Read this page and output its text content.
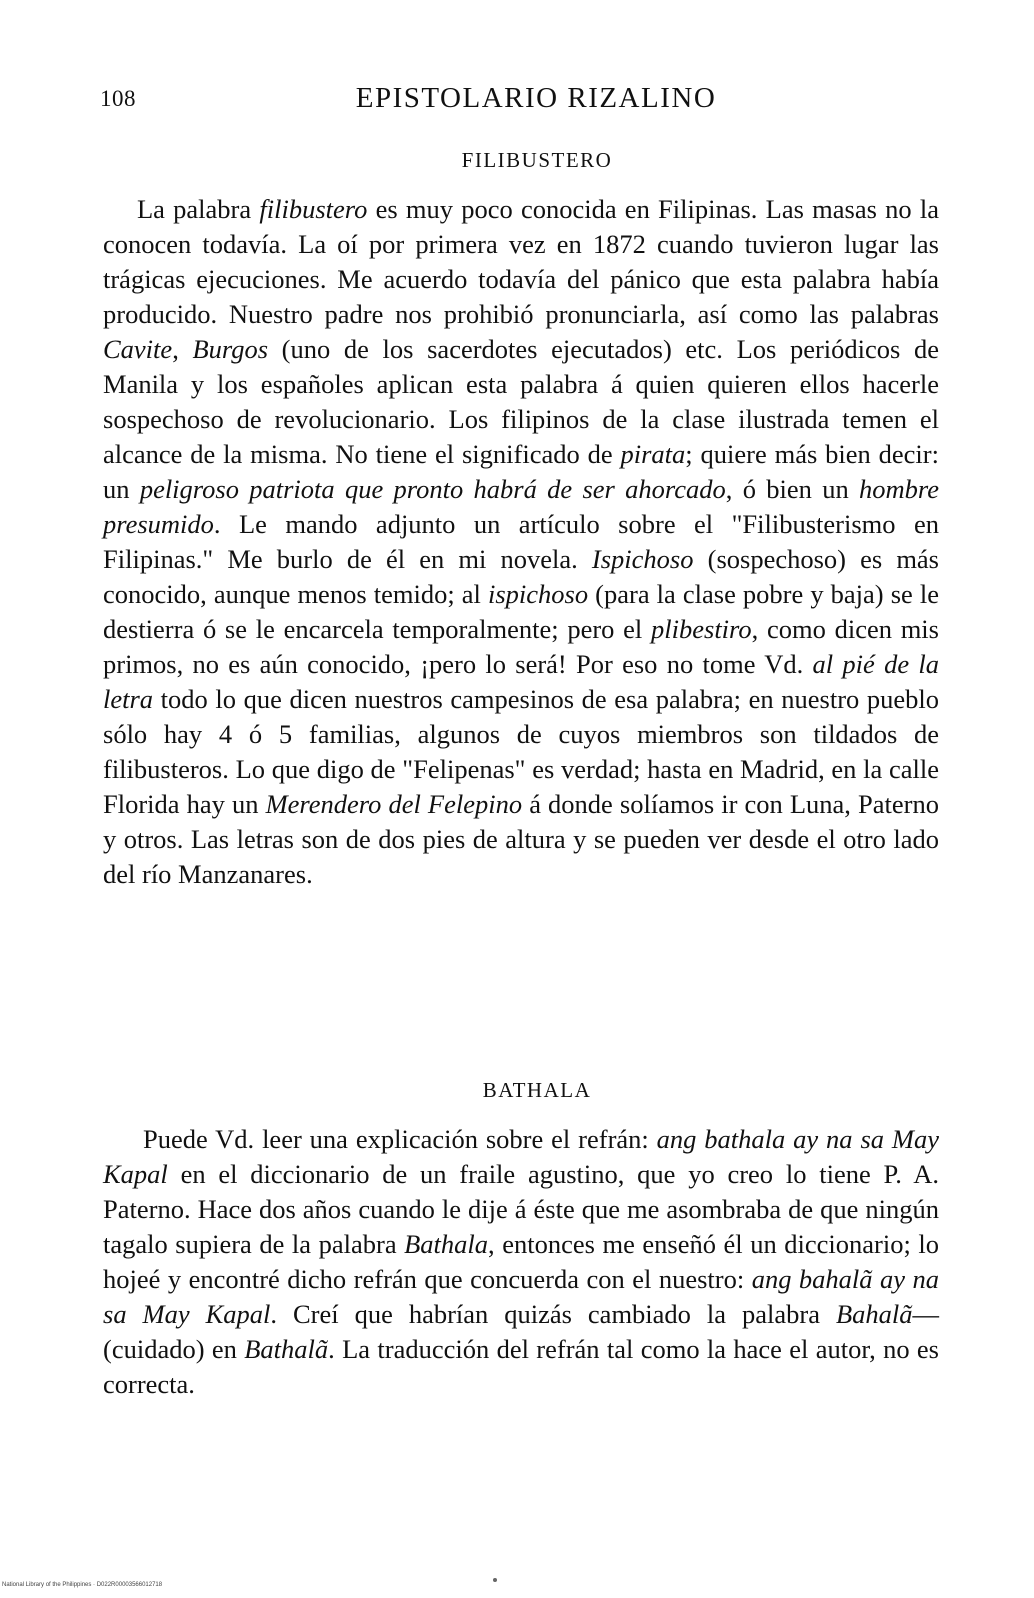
108	EPISTOLARIO RIZALINO
FILIBUSTERO
La palabra filibustero es muy poco conocida en Filipinas. Las masas no la conocen todavía. La oí por primera vez en 1872 cuando tuvieron lugar las trágicas ejecuciones. Me acuerdo todavía del pánico que esta palabra había producido. Nuestro padre nos prohibió pronunciarla, así como las palabras Cavite, Burgos (uno de los sacerdotes ejecutados) etc. Los periódicos de Manila y los españoles aplican esta palabra á quien quieren ellos hacerle sospechoso de revolucionario. Los filipinos de la clase ilustrada temen el alcance de la misma. No tiene el significado de pirata; quiere más bien decir: un peligroso patriota que pronto habrá de ser ahorcado, ó bien un hombre presumido. Le mando adjunto un artículo sobre el "Filibusterismo en Filipinas." Me burlo de él en mi novela. Ispichoso (sospechoso) es más conocido, aunque menos temido; al ispichoso (para la clase pobre y baja) se le destierra ó se le encarcela temporalmente; pero el plibestiro, como dicen mis primos, no es aún conocido, ¡pero lo será! Por eso no tome Vd. al pié de la letra todo lo que dicen nuestros campesinos de esa palabra; en nuestro pueblo sólo hay 4 ó 5 familias, algunos de cuyos miembros son tildados de filibusteros. Lo que digo de "Felipenas" es verdad; hasta en Madrid, en la calle Florida hay un Merendero del Felepino á donde solíamos ir con Luna, Paterno y otros. Las letras son de dos pies de altura y se pueden ver desde el otro lado del río Manzanares.
BATHALA
Puede Vd. leer una explicación sobre el refrán: ang bathala ay na sa May Kapal en el diccionario de un fraile agustino, que yo creo lo tiene P. A. Paterno. Hace dos años cuando le dije á éste que me asombraba de que ningún tagalo supiera de la palabra Bathala, entonces me enseñó él un diccionario; lo hojeé y encontré dicho refrán que concuerda con el nuestro: ang bahalã ay na sa May Kapal. Creí que habrían quizás cambiado la palabra Bahalã—(cuidado) en Bathalã. La traducción del refrán tal como la hace el autor, no es correcta.
National Library of the Philippines · D022R00003566012718
